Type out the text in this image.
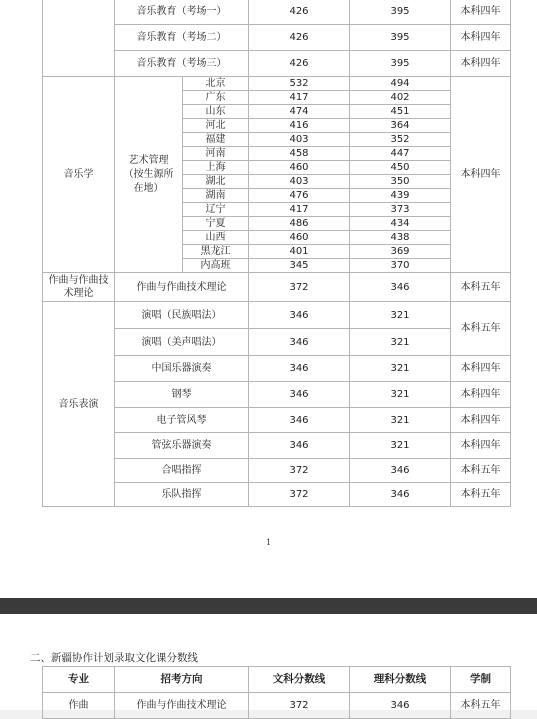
	音乐教育（考场一）		426	395	本科四年
	音乐教育（考场二）		426	395	本科四年
	音乐教育（考场三）		426	395	本科四年
音乐学	艺术管理（按生源所在地）	北京	532	494	本科四年
		广东	417	402	
		山东	474	451	
		河北	416	364	
		福建	403	352	
		河南	458	447	
		上海	460	450	
		湖北	403	350	
		湖南	476	439	
		辽宁	417	373	
		宁夏	486	434	
		山西	460	438	
		黑龙江	401	369	
		内高班	345	370	
作曲与作曲技术理论	作曲与作曲技术理论		372	346	本科五年
音乐表演	演唱（民族唱法）		346	321	本科五年
	演唱（美声唱法）		346	321	
	中国乐器演奏		346	321	本科四年
	钢琴		346	321	本科四年
	电子管风琴		346	321	本科四年
	管弦乐器演奏		346	321	本科四年
	合唱指挥		372	346	本科五年
	乐队指挥		372	346	本科五年
1
二、新疆协作计划录取文化课分数线
专业	招考方向	文科分数线	理科分数线	学制
作曲	作曲与作曲技术理论	372	346	本科五年
